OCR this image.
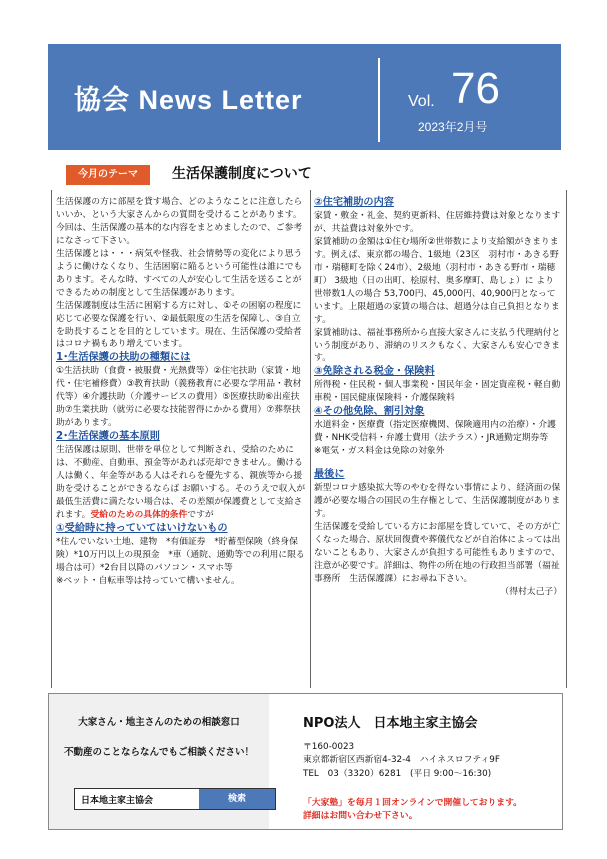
協会 News Letter	Vol. 76
2023年2月号
今月のテーマ	生活保護制度について

生活保護の方に部屋を貸す場合、どのようなことに注意したらいいか、という大家さんからの質問を受けることがあります。今回は、生活保護の基本的な内容をまとめましたので、ご参考になさって下さい。

生活保護とは・・・病気や怪我、社会情勢等の変化により思うように働けなくなり、生活困窮に陥るという可能性は誰にでもあります。そんな時、すべての人が安心して生活を送ることができるための制度として生活保護があります。

生活保護制度は生活に困窮する方に対し、①その困窮の程度に応じて必要な保護を行い、②最低限度の生活を保障し、③自立を助長することを目的としています。現在、生活保護の受給者はコロナ禍もあり増えています。

1･生活保護の扶助の種類には

①生活扶助（食費・被服費・光熱費等）②住宅扶助（家賃・地代・住宅補修費）③教育扶助（義務教育に必要な学用品・教材代等）④介護扶助（介護サービスの費用）⑤医療扶助⑥出産扶助⑦生業扶助（就労に必要な技能習得にかかる費用）⑦葬祭扶助があります。

2･生活保護の基本原則

生活保護は原則、世帯を単位として判断され、受給のためには、不動産、自動車、預金等があれば売却できません。働ける人は働く、年金等がある人はそれらを優先する、親族等から援助を受けることができるならば お願いする。そのうえで収入が最低生活費に満たない場合は、その差額が保護費として支給されます。受給のための具体的条件ですが

①受給時に持っていてはいけないもの

*住んでいない土地、建物　*有価証券　*貯蓄型保険（終身保険）*10万円以上の現預金　*車（通院、通勤等での利用に限る場合は可）*2台目以降のパソコン・スマホ等

※ペット・自転車等は持っていて構いません。

②住宅補助の内容

家賃・敷金・礼金、契約更新料、住居維持費は対象となりますが、共益費は対象外です。

家賃補助の金額は①住む場所②世帯数により支給額がきまります。例えば、東京都の場合、1級地（23区　羽村市・あきる野市・瑞穂町を除く24市）、2級地（羽村市・あきる野市・瑞穂町） 3級地（日の出町、桧原村、奥多摩町、島しょ）に より世帯数1人の場合 53,700円、45,000円、40,900円となっています。上限超過の家賃の場合は、超過分は自己負担となります。

家賃補助は、福祉事務所から直接大家さんに支払う代理納付という制度があり、滞納のリスクもなく、大家さんも安心できます。

③免除される税金・保険料

所得税・住民税・個人事業税・国民年金・固定資産税・軽自動車税・国民健康保険料・介護保険料

④その他免除、割引対象

水道料金・医療費（指定医療機関、保険適用内の治療）・介護費・NHK受信料・弁護士費用（法テラス）・JR通勤定期券等

※電気・ガス料金は免除の対象外

最後に

新型コロナ感染拡大等のやむを得ない事情により、経済面の保護が必要な場合の国民の生存権として、生活保護制度があります。

生活保護を受給している方にお部屋を貸していて、その方が亡くなった場合、原状回復費や葬儀代などが自治体によっては出ないこともあり、大家さんが負担する可能性もありますので、注意が必要です。詳細は、物件の所在地の行政担当部署（福祉事務所　生活保護課）にお尋ね下さい。

（得村太己子）

大家さん・地主さんのための相談窓口
不動産のことならなんでもご相談ください！
日本地主家主協会
検索
NPO法人　日本地主家主協会
〒160-0023
東京都新宿区西新宿4-32-4　ハイネスロフティ9F
TEL　03（3320）6281　(平日 9:00～16:30)
「大家塾」を毎月１回オンラインで開催しております。
詳細はお問い合わせ下さい。
